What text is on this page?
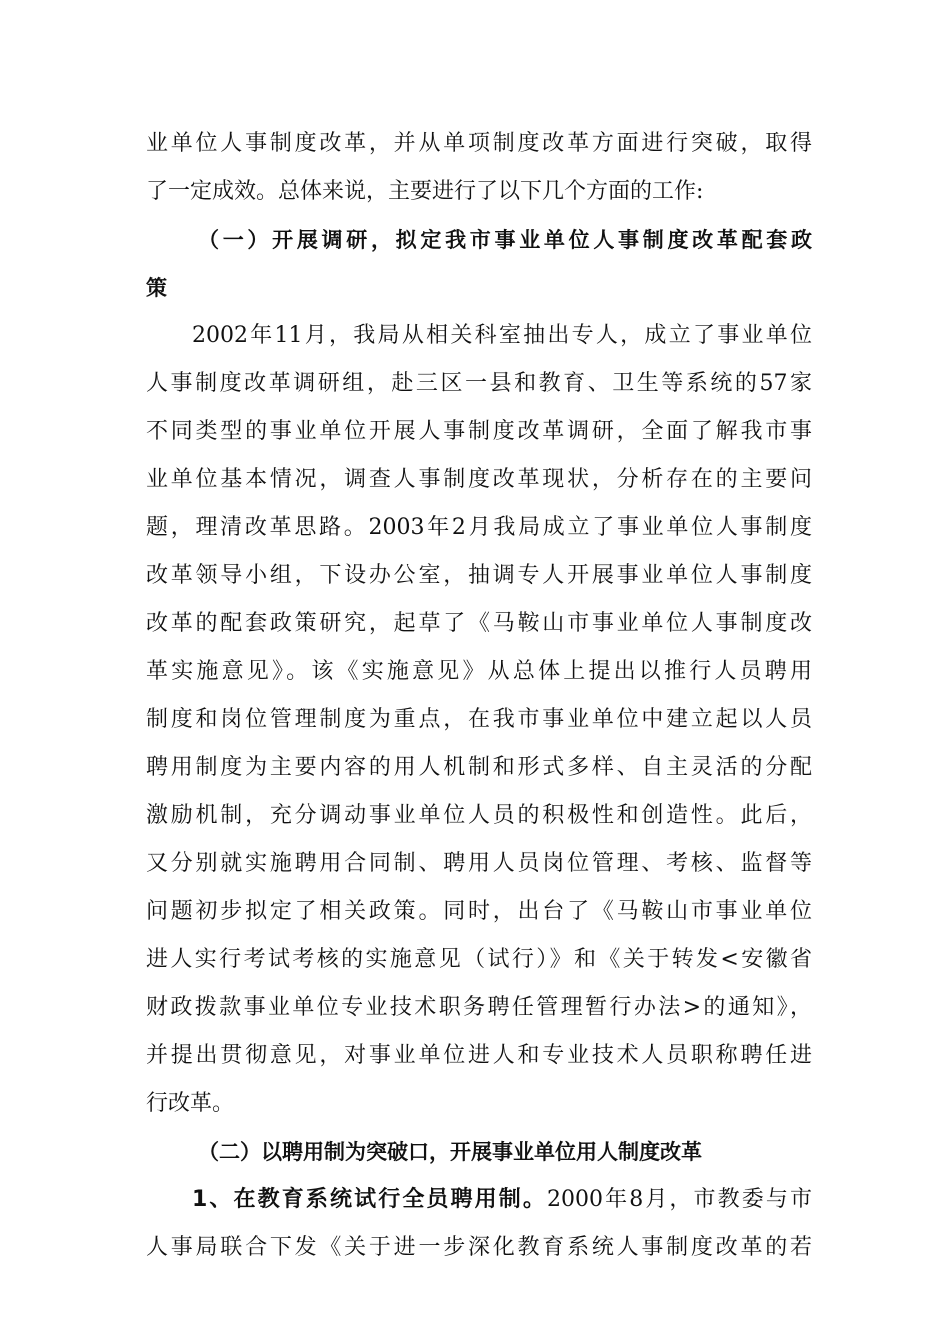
业单位人事制度改革，并从单项制度改革方面进行突破，取得
了一定成效。总体来说，主要进行了以下几个方面的工作:
（一）开展调研，拟定我市事业单位人事制度改革配套政
策
2002年11月，我局从相关科室抽出专人，成立了事业单位
人事制度改革调研组，赴三区一县和教育、卫生等系统的57家
不同类型的事业单位开展人事制度改革调研，全面了解我市事
业单位基本情况，调查人事制度改革现状，分析存在的主要问
题，理清改革思路。2003年2月我局成立了事业单位人事制度
改革领导小组，下设办公室，抽调专人开展事业单位人事制度
改革的配套政策研究，起草了《马鞍山市事业单位人事制度改
革实施意见》。该《实施意见》从总体上提出以推行人员聘用
制度和岗位管理制度为重点，在我市事业单位中建立起以人员
聘用制度为主要内容的用人机制和形式多样、自主灵活的分配
激励机制，充分调动事业单位人员的积极性和创造性。此后，
又分别就实施聘用合同制、聘用人员岗位管理、考核、监督等
问题初步拟定了相关政策。同时，出台了《马鞍山市事业单位
进人实行考试考核的实施意见（试行）》和《关于转发<安徽省
财政拨款事业单位专业技术职务聘任管理暂行办法>的通知》，
并提出贯彻意见，对事业单位进人和专业技术人员职称聘任进
行改革。
（二）以聘用制为突破口，开展事业单位用人制度改革
1、在教育系统试行全员聘用制。2000年8月，市教委与市
人事局联合下发《关于进一步深化教育系统人事制度改革的若
